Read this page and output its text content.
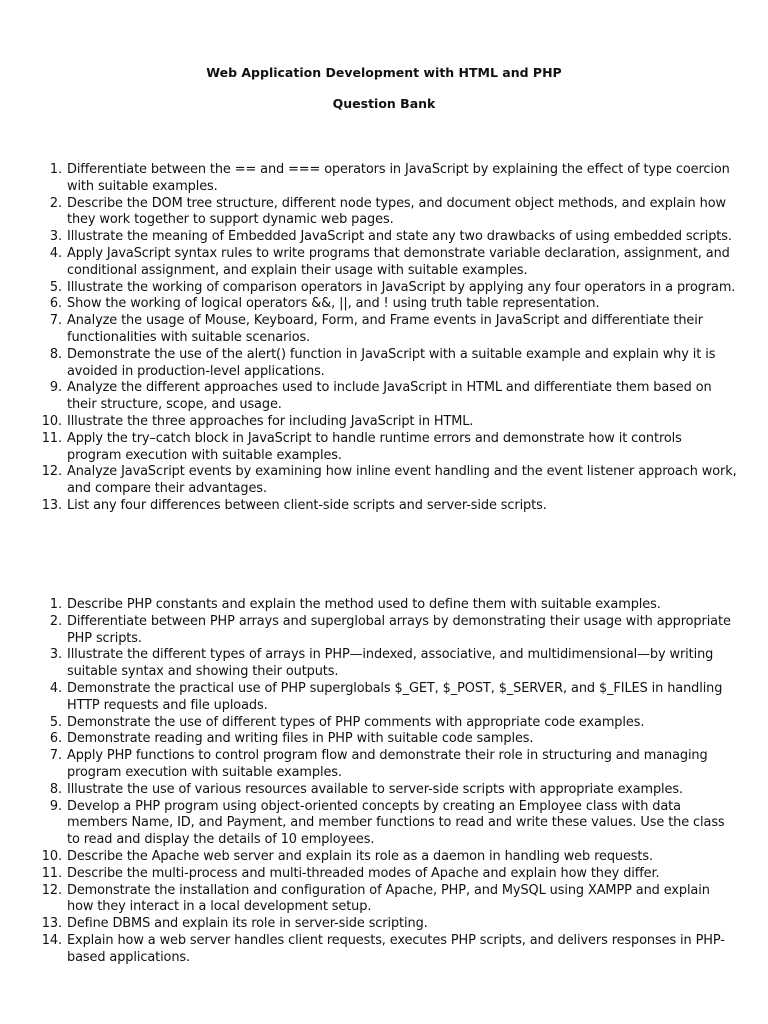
Web Application Development with HTML and PHP
Question Bank
1. Differentiate between the == and === operators in JavaScript by explaining the effect of type coercion with suitable examples.
2. Describe the DOM tree structure, different node types, and document object methods, and explain how they work together to support dynamic web pages.
3. Illustrate the meaning of Embedded JavaScript and state any two drawbacks of using embedded scripts.
4. Apply JavaScript syntax rules to write programs that demonstrate variable declaration, assignment, and conditional assignment, and explain their usage with suitable examples.
5. Illustrate the working of comparison operators in JavaScript by applying any four operators in a program.
6. Show the working of logical operators &&, ||, and ! using truth table representation.
7. Analyze the usage of Mouse, Keyboard, Form, and Frame events in JavaScript and differentiate their functionalities with suitable scenarios.
8. Demonstrate the use of the alert() function in JavaScript with a suitable example and explain why it is avoided in production-level applications.
9. Analyze the different approaches used to include JavaScript in HTML and differentiate them based on their structure, scope, and usage.
10. Illustrate the three approaches for including JavaScript in HTML.
11. Apply the try–catch block in JavaScript to handle runtime errors and demonstrate how it controls program execution with suitable examples.
12. Analyze JavaScript events by examining how inline event handling and the event listener approach work, and compare their advantages.
13. List any four differences between client-side scripts and server-side scripts.
1. Describe PHP constants and explain the method used to define them with suitable examples.
2. Differentiate between PHP arrays and superglobal arrays by demonstrating their usage with appropriate PHP scripts.
3. Illustrate the different types of arrays in PHP—indexed, associative, and multidimensional—by writing suitable syntax and showing their outputs.
4. Demonstrate the practical use of PHP superglobals $_GET, $_POST, $_SERVER, and $_FILES in handling HTTP requests and file uploads.
5. Demonstrate the use of different types of PHP comments with appropriate code examples.
6. Demonstrate reading and writing files in PHP with suitable code samples.
7. Apply PHP functions to control program flow and demonstrate their role in structuring and managing program execution with suitable examples.
8. Illustrate the use of various resources available to server-side scripts with appropriate examples.
9. Develop a PHP program using object-oriented concepts by creating an Employee class with data members Name, ID, and Payment, and member functions to read and write these values. Use the class to read and display the details of 10 employees.
10. Describe the Apache web server and explain its role as a daemon in handling web requests.
11. Describe the multi-process and multi-threaded modes of Apache and explain how they differ.
12. Demonstrate the installation and configuration of Apache, PHP, and MySQL using XAMPP and explain how they interact in a local development setup.
13. Define DBMS and explain its role in server-side scripting.
14. Explain how a web server handles client requests, executes PHP scripts, and delivers responses in PHP-based applications.
